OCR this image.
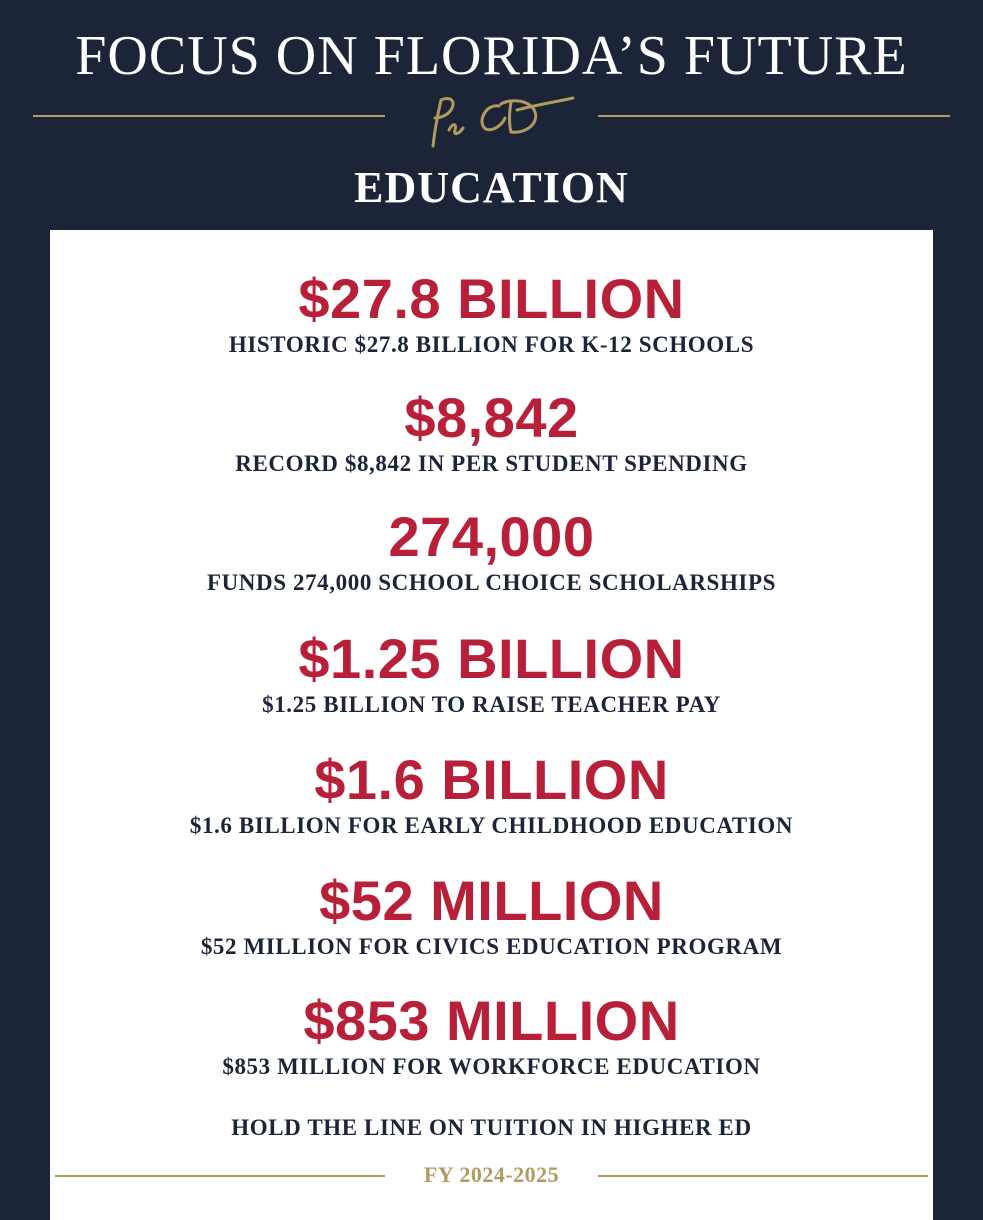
FOCUS ON FLORIDA’S FUTURE
EDUCATION
$27.8 BILLION
HISTORIC $27.8 BILLION FOR K-12 SCHOOLS
$8,842
RECORD $8,842 IN PER STUDENT SPENDING
274,000
FUNDS 274,000 SCHOOL CHOICE SCHOLARSHIPS
$1.25 BILLION
$1.25 BILLION TO RAISE TEACHER PAY
$1.6 BILLION
$1.6 BILLION FOR EARLY CHILDHOOD EDUCATION
$52 MILLION
$52 MILLION FOR CIVICS EDUCATION PROGRAM
$853 MILLION
$853 MILLION FOR WORKFORCE EDUCATION
HOLD THE LINE ON TUITION IN HIGHER ED
FY 2024-2025
